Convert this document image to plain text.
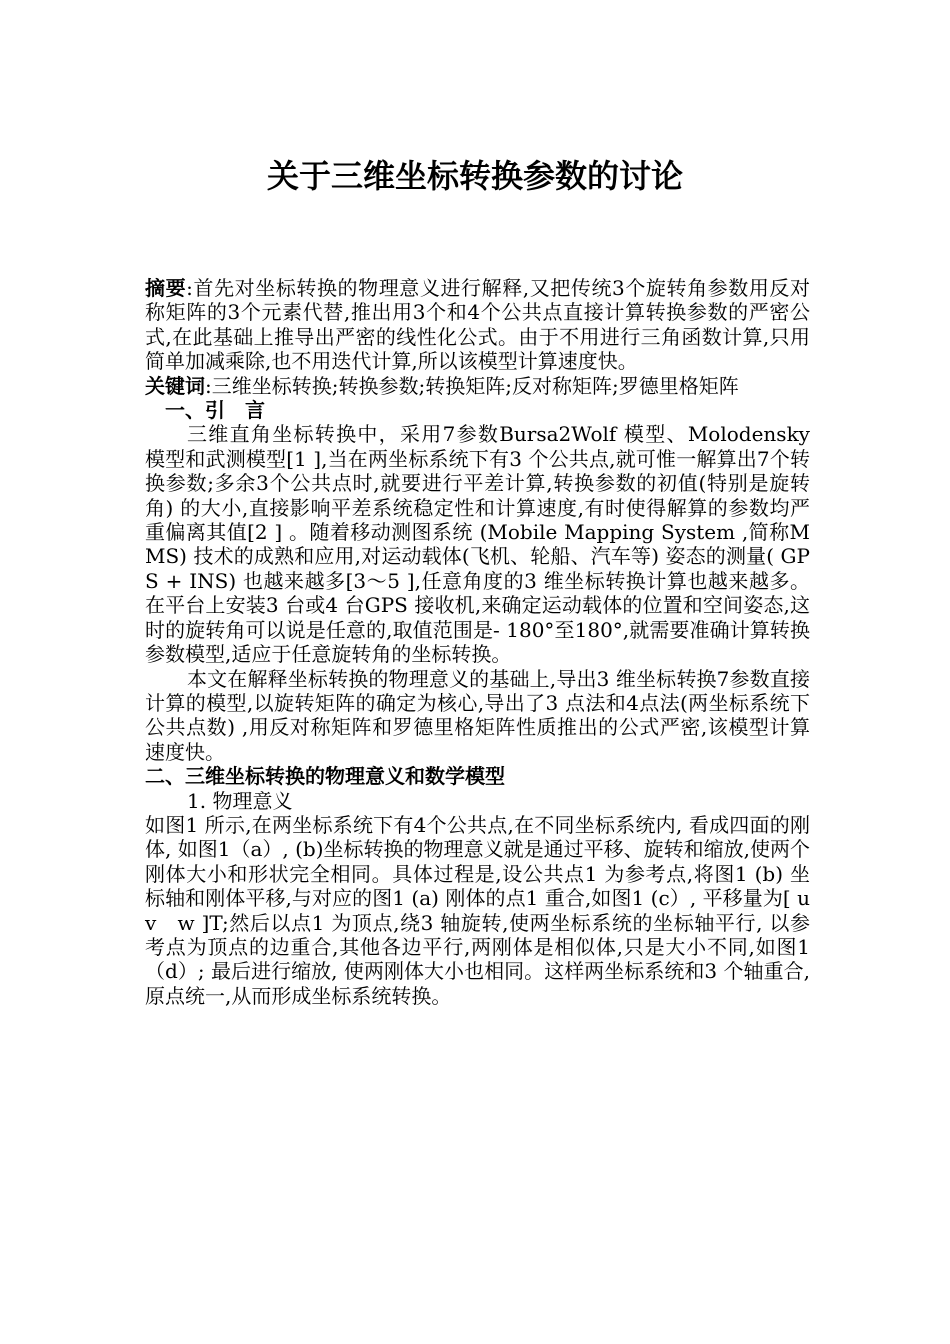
关于三维坐标转换参数的讨论

摘要:首先对坐标转换的物理意义进行解释,又把传统3个旋转角参数用反对称矩阵的3个元素代替,推出用3个和4个公共点直接计算转换参数的严密公式,在此基础上推导出严密的线性化公式。由于不用进行三角函数计算,只用简单加减乘除,也不用迭代计算,所以该模型计算速度快。

关键词:三维坐标转换;转换参数;转换矩阵;反对称矩阵;罗德里格矩阵

一、引　言

三维直角坐标转换中，采用7参数Bursa2Wolf 模型、Molodensky 模型和武测模型[1 ],当在两坐标系统下有3 个公共点,就可惟一解算出7个转换参数;多余3个公共点时,就要进行平差计算,转换参数的初值(特别是旋转角) 的大小,直接影响平差系统稳定性和计算速度,有时使得解算的参数均严重偏离其值[2 ] 。随着移动测图系统 (Mobile Mapping System ,简称MMS) 技术的成熟和应用,对运动载体(飞机、轮船、汽车等) 姿态的测量( GPS + INS) 也越来越多[3～5 ],任意角度的3 维坐标转换计算也越来越多。在平台上安装3 台或4 台GPS 接收机,来确定运动载体的位置和空间姿态,这时的旋转角可以说是任意的,取值范围是- 180°至180°,就需要准确计算转换参数模型,适应于任意旋转角的坐标转换。

本文在解释坐标转换的物理意义的基础上,导出3 维坐标转换7参数直接计算的模型,以旋转矩阵的确定为核心,导出了3 点法和4点法(两坐标系统下公共点数) ,用反对称矩阵和罗德里格矩阵性质推出的公式严密,该模型计算速度快。

二、三维坐标转换的物理意义和数学模型

1. 物理意义

如图1 所示,在两坐标系统下有4个公共点,在不同坐标系统内, 看成四面的刚体, 如图1（a）, (b)坐标转换的物理意义就是通过平移、旋转和缩放,使两个刚体大小和形状完全相同。具体过程是,设公共点1 为参考点,将图1 (b) 坐标轴和刚体平移,与对应的图1 (a) 刚体的点1 重合,如图1 (c）, 平移量为[ u　v　w ]T;然后以点1 为顶点,绕3 轴旋转,使两坐标系统的坐标轴平行, 以参考点为顶点的边重合,其他各边平行,两刚体是相似体,只是大小不同,如图1 （d）; 最后进行缩放, 使两刚体大小也相同。这样两坐标系统和3 个轴重合,原点统一,从而形成坐标系统转换。
